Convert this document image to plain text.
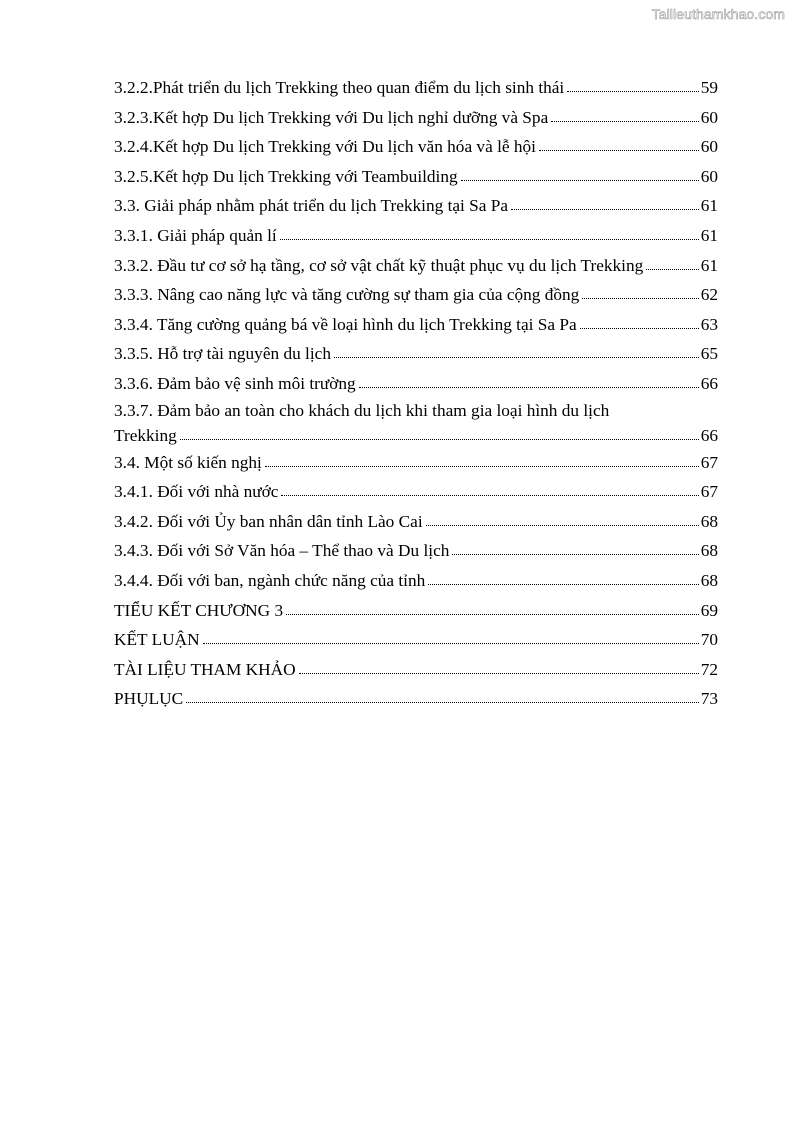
Tailieuthamkhao.com
3.2.2.Phát triển du lịch Trekking theo quan điểm du lịch sinh thái	59
3.2.3.Kết hợp Du lịch Trekking với Du lịch nghỉ dưỡng và Spa	60
3.2.4.Kết hợp Du lịch Trekking với Du lịch văn hóa và lễ hội	60
3.2.5.Kết hợp Du lịch Trekking với Teambuilding	60
3.3. Giải pháp nhằm phát triển du lịch Trekking tại Sa Pa	61
3.3.1. Giải pháp quản lí	61
3.3.2. Đầu tư cơ sở hạ tầng, cơ sở vật chất kỹ thuật phục vụ du lịch Trekking	61
3.3.3. Nâng cao năng lực và tăng cường sự tham gia của cộng đồng	62
3.3.4. Tăng cường quảng bá về loại hình du lịch Trekking tại Sa Pa	63
3.3.5. Hỗ trợ tài nguyên du lịch	65
3.3.6. Đảm bảo vệ sinh môi trường	66
3.3.7. Đảm bảo an toàn cho khách du lịch khi tham gia loại hình du lịch
Trekking	66
3.4. Một số kiến nghị	67
3.4.1. Đối với nhà nước	67
3.4.2. Đối với Ủy ban nhân dân tỉnh Lào Cai	68
3.4.3. Đối với Sở Văn hóa – Thể thao và Du lịch	68
3.4.4. Đối với ban, ngành chức năng của tỉnh	68
TIỂU KẾT CHƯƠNG 3	69
KẾT LUẬN	70
TÀI LIỆU THAM KHẢO	72
PHỤLỤC	73
